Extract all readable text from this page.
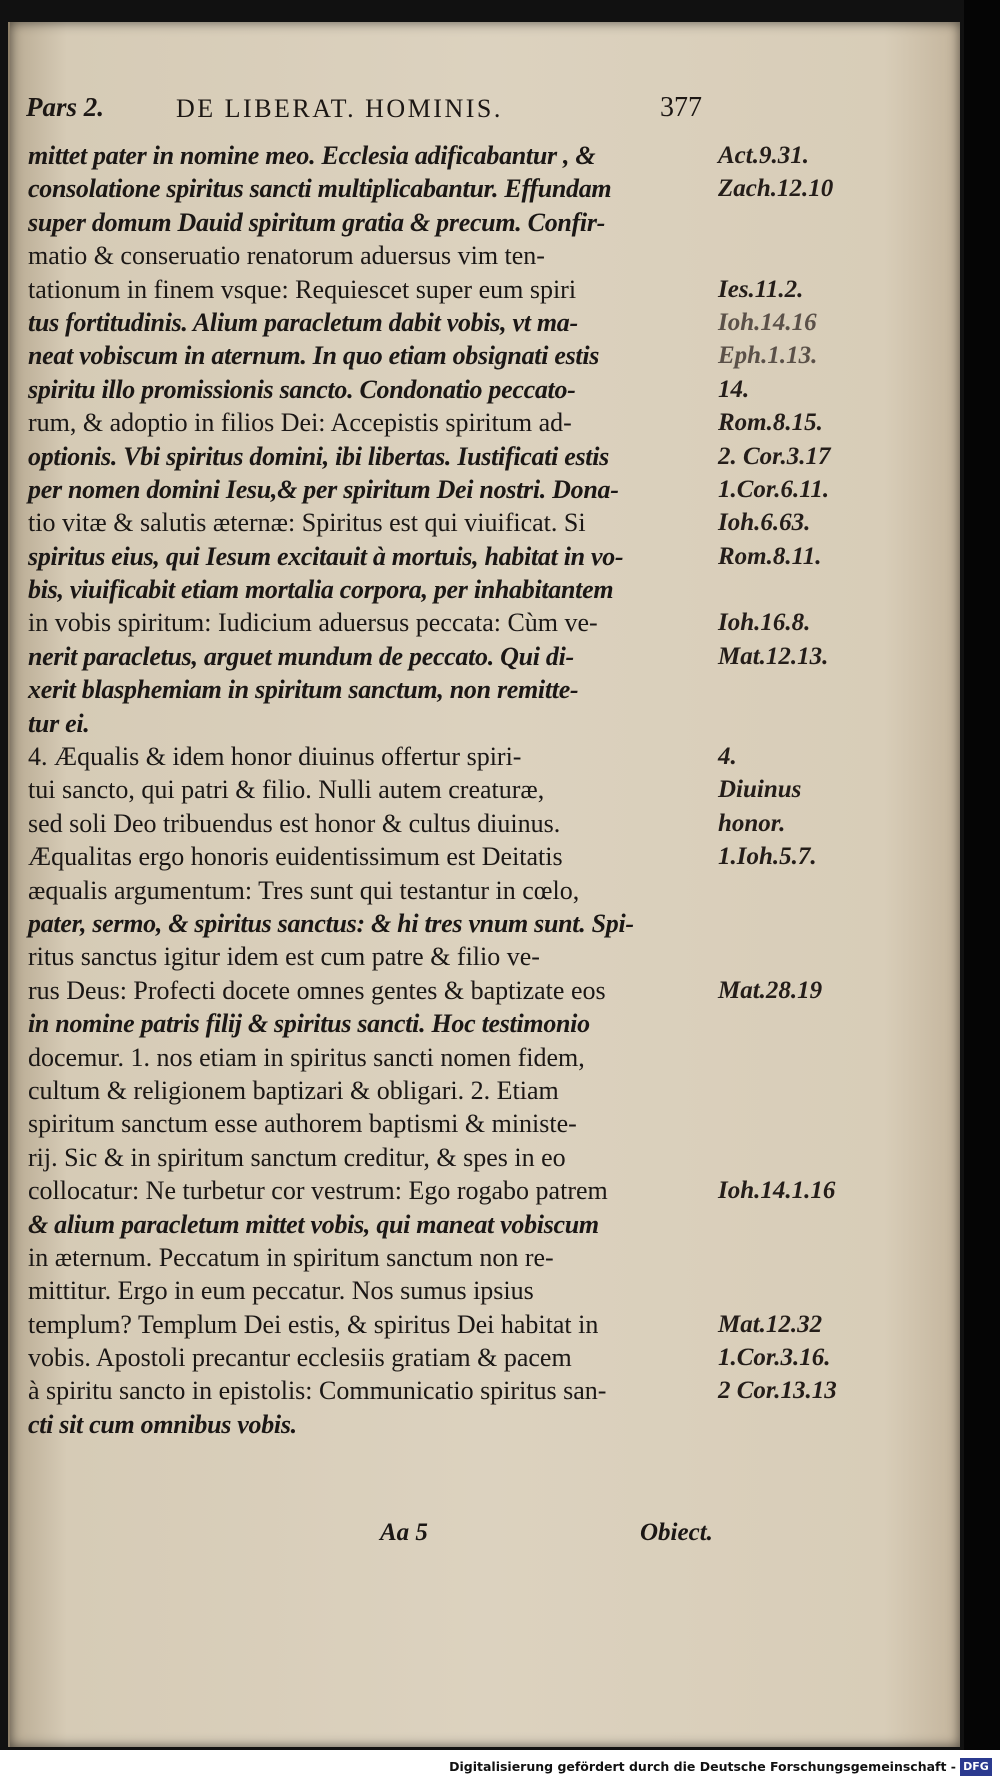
Pars 2.	DE LIBERAT. HOMINIS.	377
mittet pater in nomine meo. Ecclesia adificabantur , &	Act.9.31.
consolatione spiritus sancti multiplicabantur. Effundam	Zach.12.10
super domum Dauid spiritum gratia & precum. Confir-
matio & conseruatio renatorum aduersus vim ten-
tationum in finem vsque: Requiescet super eum spiri	Ies.11.2.
tus fortitudinis. Alium paracletum dabit vobis, vt ma-	Ioh.14.16
neat vobiscum in aternum. In quo etiam obsignati estis	Eph.1.13.
spiritu illo promissionis sancto. Condonatio peccato-	14.
rum, & adoptio in filios Dei: Accepistis spiritum ad-	Rom.8.15.
optionis. Vbi spiritus domini, ibi libertas. Iustificati estis	2. Cor.3.17
per nomen domini Iesu,& per spiritum Dei nostri. Dona-	1.Cor.6.11.
tio vitæ & salutis æternæ: Spiritus est qui viuificat. Si	Ioh.6.63.
spiritus eius, qui Iesum excitauit à mortuis, habitat in vo-	Rom.8.11.
bis, viuificabit etiam mortalia corpora, per inhabitantem
in vobis spiritum: Iudicium aduersus peccata: Cùm ve-	Ioh.16.8.
nerit paracletus, arguet mundum de peccato. Qui di-	Mat.12.13.
xerit blasphemiam in spiritum sanctum, non remitte-
tur ei.
4. Æqualis & idem honor diuinus offertur spiri-	4.
tui sancto, qui patri & filio. Nulli autem creaturæ,	Diuinus
sed soli Deo tribuendus est honor & cultus diuinus.	honor.
Æqualitas ergo honoris euidentissimum est Deitatis	1.Ioh.5.7.
æqualis argumentum: Tres sunt qui testantur in cœlo,
pater, sermo, & spiritus sanctus: & hi tres vnum sunt. Spi-
ritus sanctus igitur idem est cum patre & filio ve-
rus Deus: Profecti docete omnes gentes & baptizate eos	Mat.28.19
in nomine patris filij & spiritus sancti. Hoc testimonio
docemur. 1. nos etiam in spiritus sancti nomen fidem,
cultum & religionem baptizari & obligari. 2. Etiam
spiritum sanctum esse authorem baptismi & ministe-
rij. Sic & in spiritum sanctum creditur, & spes in eo
collocatur: Ne turbetur cor vestrum: Ego rogabo patrem	Ioh.14.1.16
& alium paracletum mittet vobis, qui maneat vobiscum
in æternum. Peccatum in spiritum sanctum non re-
mittitur. Ergo in eum peccatur. Nos sumus ipsius
templum? Templum Dei estis, & spiritus Dei habitat in	Mat.12.32
vobis. Apostoli precantur ecclesiis gratiam & pacem	1.Cor.3.16.
à spiritu sancto in epistolis: Communicatio spiritus san-	2 Cor.13.13
cti sit cum omnibus vobis.
Aa 5	Obiect.
Digitalisierung gefördert durch die Deutsche Forschungsgemeinschaft - DFG
